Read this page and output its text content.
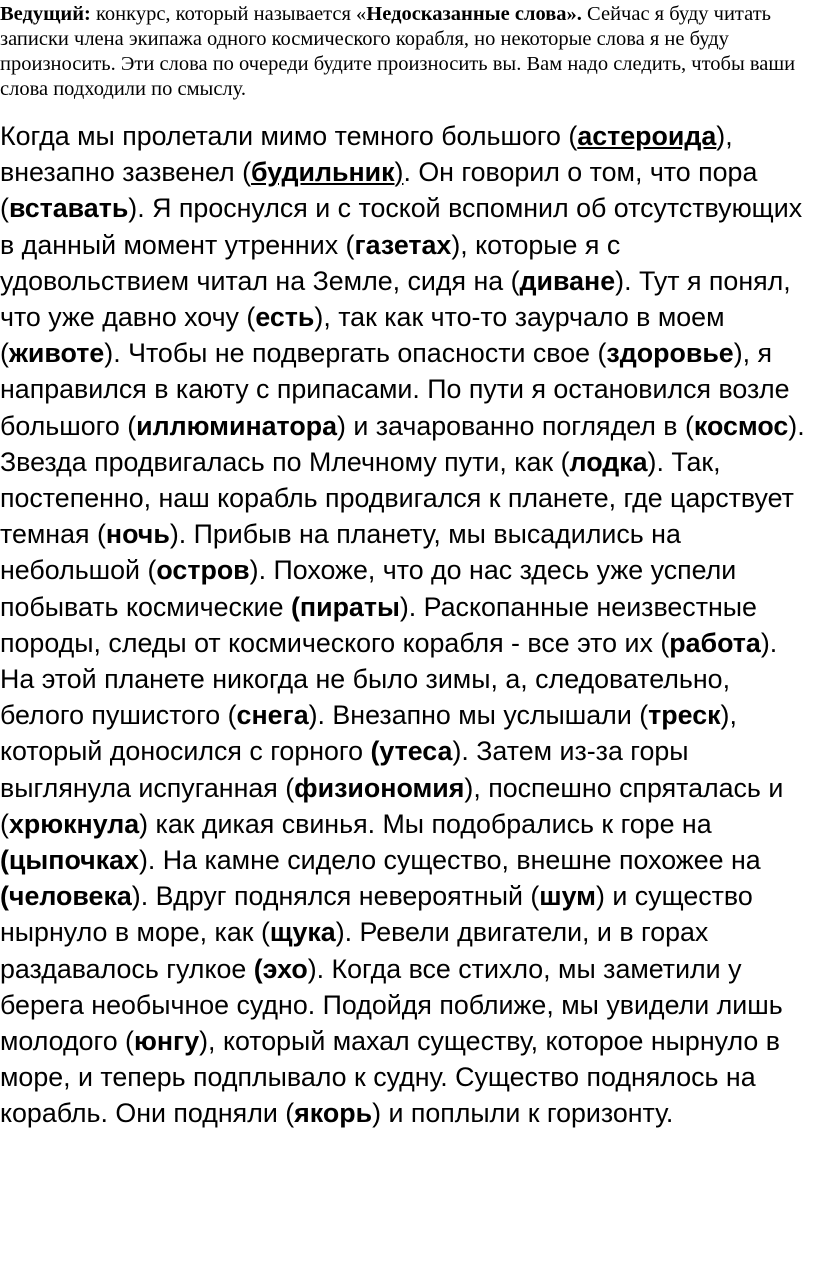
Ведущий: конкурс, который называется «Недосказанные слова». Сейчас я буду читать записки члена экипажа одного космического корабля, но некоторые слова я не буду произносить. Эти слова по очереди будите произносить вы. Вам надо следить, чтобы ваши слова подходили по смыслу.

Когда мы пролетали мимо темного большого (астероида), внезапно зазвенел (будильник). Он говорил о том, что пора (вставать). Я проснулся и с тоской вспомнил об отсутствующих в данный момент утренних (газетах), которые я с удовольствием читал на Земле, сидя на (диване). Тут я понял, что уже давно хочу (есть), так как что-то заурчало в моем (животе). Чтобы не подвергать опасности свое (здоровье), я направился в каюту с припасами. По пути я остановился возле большого (иллюминатора) и зачарованно поглядел в (космос). Звезда продвигалась по Млечному пути, как (лодка). Так, постепенно, наш корабль продвигался к планете, где царствует темная (ночь). Прибыв на планету, мы высадились на небольшой (остров). Похоже, что до нас здесь уже успели побывать космические (пираты). Раскопанные неизвестные породы, следы от космического корабля - все это их (работа). На этой планете никогда не было зимы, а, следовательно, белого пушистого (снега). Внезапно мы услышали (треск), который доносился с горного (утеса). Затем из-за горы выглянула испуганная (физиономия), поспешно спряталась и (хрюкнула) как дикая свинья. Мы подобрались к горе на (цыпочках). На камне сидело существо, внешне похожее на (человека). Вдруг поднялся невероятный (шум) и существо нырнуло в море, как (щука). Ревели двигатели, и в горах раздавалось гулкое (эхо). Когда все стихло, мы заметили у берега необычное судно. Подойдя поближе, мы увидели лишь молодого (юнгу), который махал существу, которое нырнуло в море, и теперь подплывало к судну. Существо поднялось на корабль. Они подняли (якорь) и поплыли к горизонту.
